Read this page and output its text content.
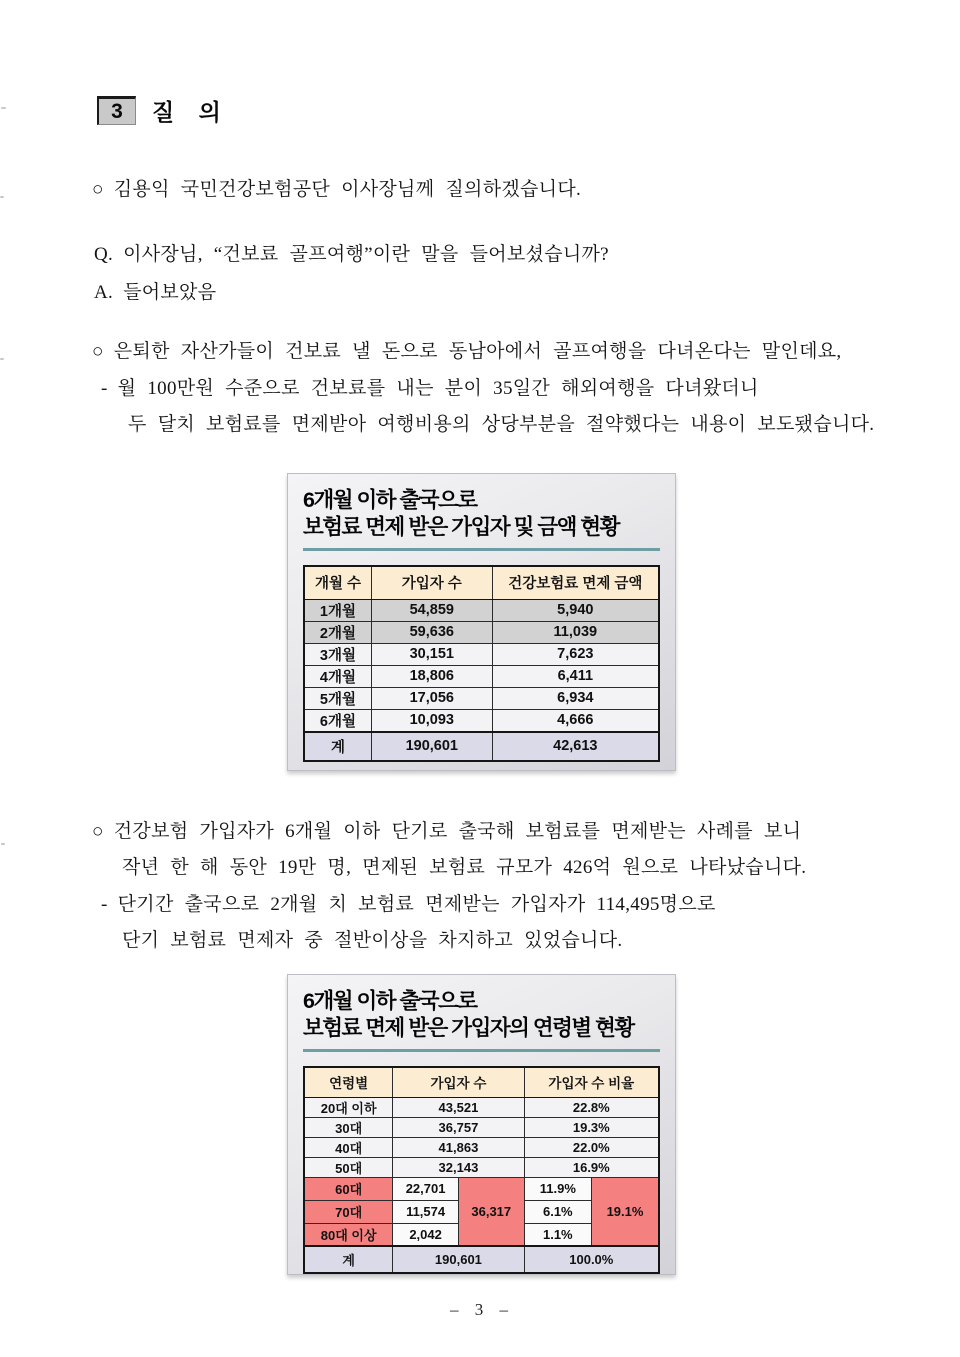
3 질 의
○ 김용익 국민건강보험공단 이사장님께 질의하겠습니다.
Q. 이사장님, “건보료 골프여행”이란 말을 들어보셨습니까?
A. 들어보았음
○ 은퇴한 자산가들이 건보료 낼 돈으로 동남아에서 골프여행을 다녀온다는 말인데요,
- 월 100만원 수준으로 건보료를 내는 분이 35일간 해외여행을 다녀왔더니
두 달치 보험료를 면제받아 여행비용의 상당부분을 절약했다는 내용이 보도됐습니다.
6개월 이하 출국으로
보험료 면제 받은 가입자 및 금액 현황
개월 수	가입자 수	건강보험료 면제 금액
1개월	54,859	5,940
2개월	59,636	11,039
3개월	30,151	7,623
4개월	18,806	6,411
5개월	17,056	6,934
6개월	10,093	4,666
계	190,601	42,613
○ 건강보험 가입자가 6개월 이하 단기로 출국해 보험료를 면제받는 사례를 보니
작년 한 해 동안 19만 명, 면제된 보험료 규모가 426억 원으로 나타났습니다.
- 단기간 출국으로 2개월 치 보험료 면제받는 가입자가 114,495명으로
단기 보험료 면제자 중 절반이상을 차지하고 있었습니다.
6개월 이하 출국으로
보험료 면제 받은 가입자의 연령별 현황
연령별	가입자 수		가입자 수 비율	
20대 이하	43,521		22.8%	
30대	36,757		19.3%	
40대	41,863		22.0%	
50대	32,143		16.9%	
60대	22,701	36,317	11.9%	19.1%
70대	11,574		6.1%	
80대 이상	2,042		1.1%	
계	190,601		100.0%	
– 3 –
